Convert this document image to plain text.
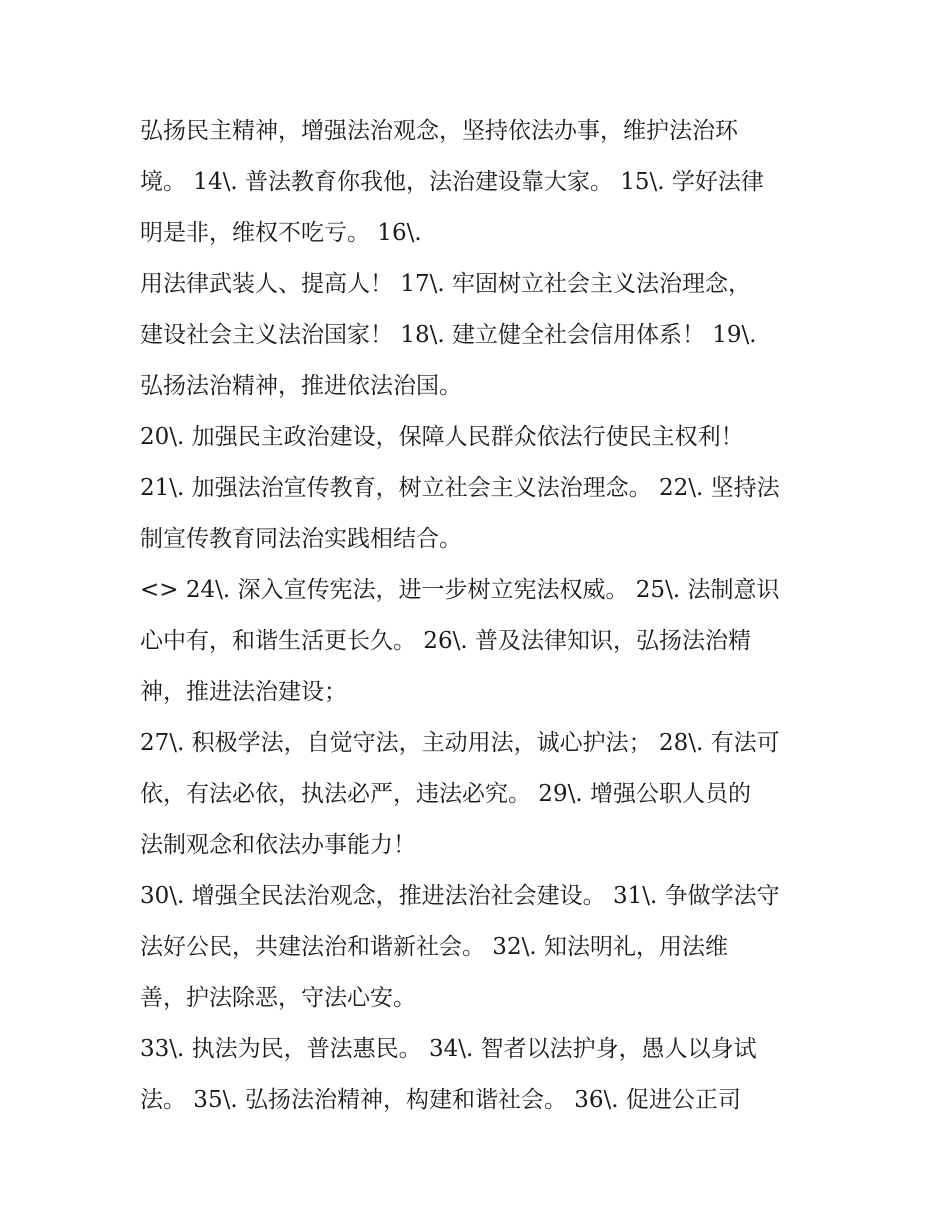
弘扬民主精神，增强法治观念，坚持依法办事，维护法治环
境。 14\. 普法教育你我他，法治建设靠大家。 15\. 学好法律
明是非，维权不吃亏。 16\.
用法律武装人、提高人！ 17\. 牢固树立社会主义法治理念，
建设社会主义法治国家！ 18\. 建立健全社会信用体系！ 19\.
弘扬法治精神，推进依法治国。
20\. 加强民主政治建设，保障人民群众依法行使民主权利！
21\. 加强法治宣传教育，树立社会主义法治理念。 22\. 坚持法
制宣传教育同法治实践相结合。
<> 24\. 深入宣传宪法，进一步树立宪法权威。 25\. 法制意识
心中有，和谐生活更长久。 26\. 普及法律知识，弘扬法治精
神，推进法治建设；
27\. 积极学法，自觉守法，主动用法，诚心护法； 28\. 有法可
依，有法必依，执法必严，违法必究。 29\. 增强公职人员的
法制观念和依法办事能力！
30\. 增强全民法治观念，推进法治社会建设。 31\. 争做学法守
法好公民，共建法治和谐新社会。 32\. 知法明礼，用法维
善，护法除恶，守法心安。
33\. 执法为民，普法惠民。 34\. 智者以法护身，愚人以身试
法。 35\. 弘扬法治精神，构建和谐社会。 36\. 促进公正司
